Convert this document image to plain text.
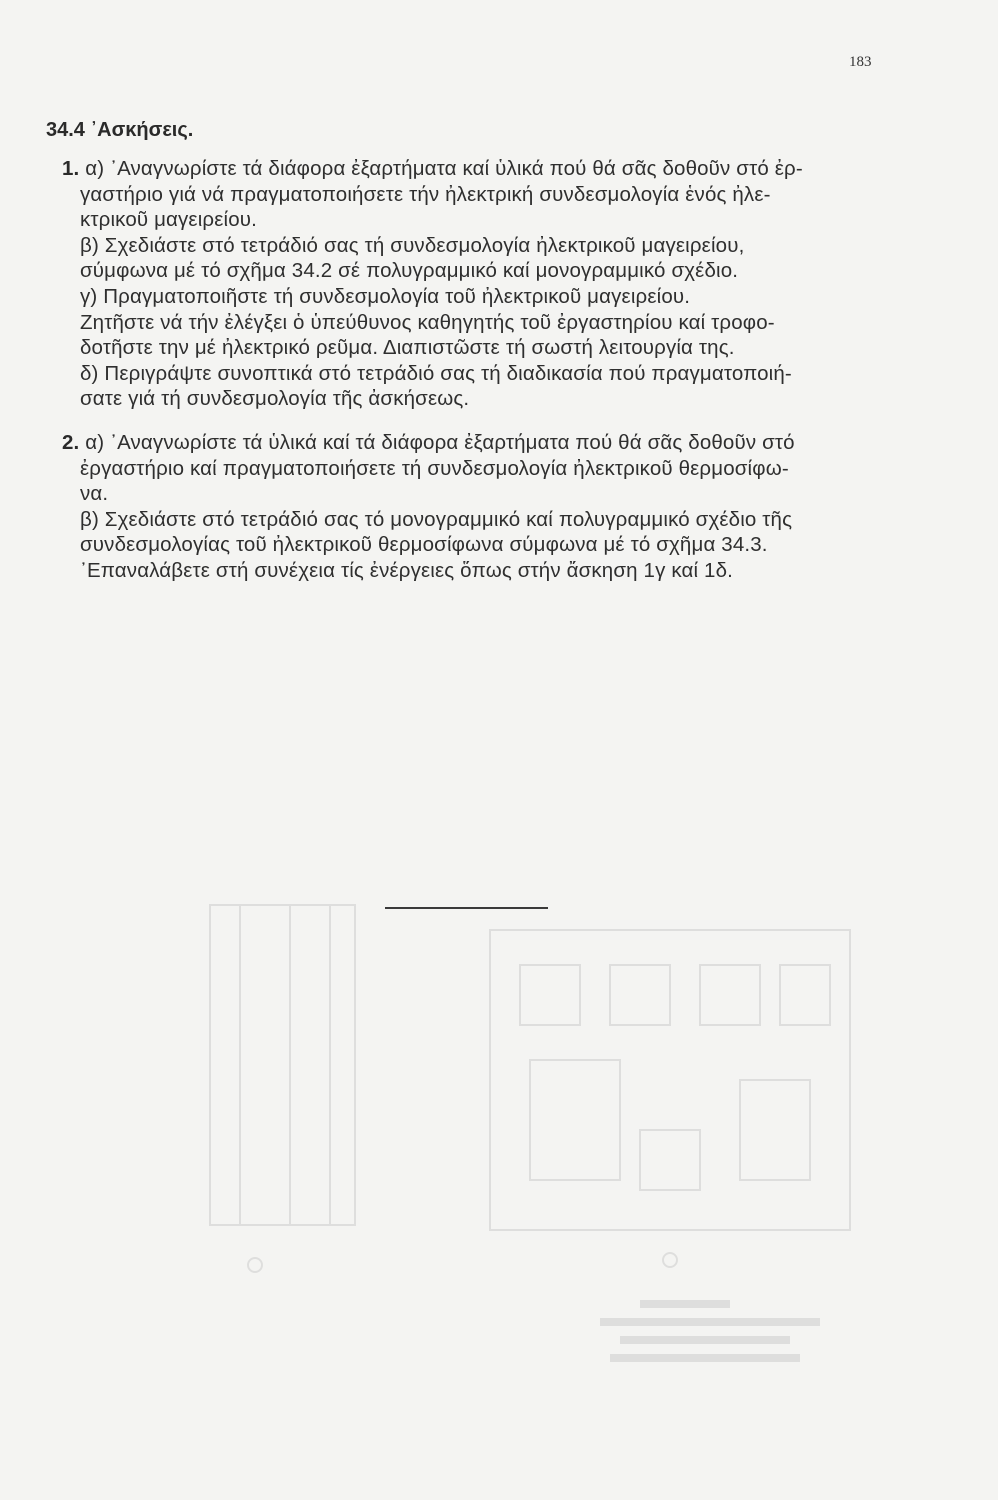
183
34.4 ᾿Ασκήσεις.
1. α) ᾿Αναγνωρίστε τά διάφορα ἐξαρτήματα καί ὑλικά πού θά σᾶς δοθοῦν στό ἐρ-
γαστήριο γιά νά πραγματοποιήσετε τήν ἠλεκτρική συνδεσμολογία ἑνός ἠλε-
κτρικοῦ μαγειρείου.
β) Σχεδιάστε στό τετράδιό σας τή συνδεσμολογία ἠλεκτρικοῦ μαγειρείου,
σύμφωνα μέ τό σχῆμα 34.2 σέ πολυγραμμικό καί μονογραμμικό σχέδιο.
γ) Πραγματοποιῆστε τή συνδεσμολογία τοῦ ἠλεκτρικοῦ μαγειρείου.
Ζητῆστε νά τήν ἐλέγξει ὁ ὑπεύθυνος καθηγητής τοῦ ἐργαστηρίου καί τροφο-
δοτῆστε την μέ ἠλεκτρικό ρεῦμα. Διαπιστῶστε τή σωστή λειτουργία της.
δ) Περιγράψτε συνοπτικά στό τετράδιό σας τή διαδικασία πού πραγματοποιή-
σατε γιά τή συνδεσμολογία τῆς ἀσκήσεως.
2. α) ᾿Αναγνωρίστε τά ὑλικά καί τά διάφορα ἐξαρτήματα πού θά σᾶς δοθοῦν στό
ἐργαστήριο καί πραγματοποιήσετε τή συνδεσμολογία ἠλεκτρικοῦ θερμοσίφω-
να.
β) Σχεδιάστε στό τετράδιό σας τό μονογραμμικό καί πολυγραμμικό σχέδιο τῆς
συνδεσμολογίας τοῦ ἠλεκτρικοῦ θερμοσίφωνα σύμφωνα μέ τό σχῆμα 34.3.
᾿Επαναλάβετε στή συνέχεια τίς ἐνέργειες ὅπως στήν ἄσκηση 1γ καί 1δ.
